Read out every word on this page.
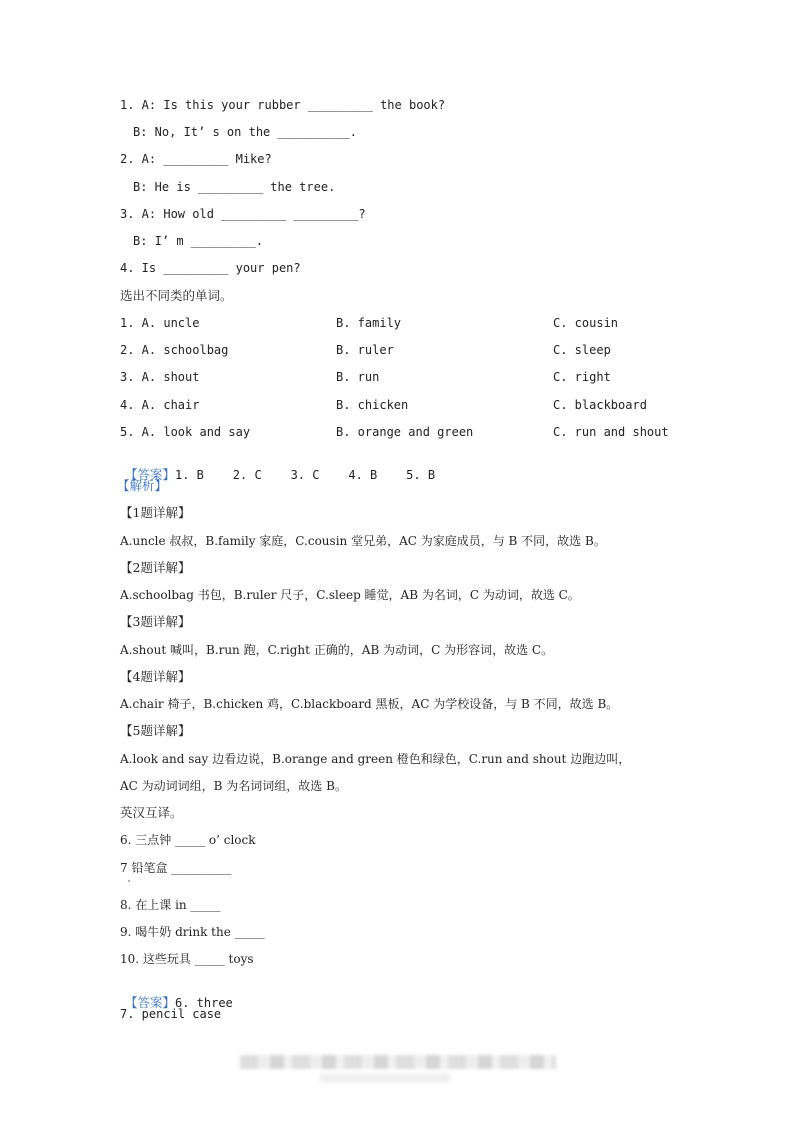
1. A: Is this your rubber _________ the book?
B: No, It’ s on the __________.
2. A: _________ Mike?
B: He is _________ the tree.
3. A: How old _________ _________?
B: I’ m _________.
4. Is _________ your pen?
选出不同类的单词。
1. A. uncle	B. family	C. cousin
2. A. schoolbag	B. ruler	C. sleep
3. A. shout	B. run	C. right
4. A. chair	B. chicken	C. blackboard
5. A. look and say	B. orange and green	C. run and shout

【答案】1. B    2. C    3. C    4. B    5. B

【解析】
【1题详解】
A.uncle 叔叔，B.family 家庭，C.cousin 堂兄弟，AC 为家庭成员，与 B 不同，故选 B。
【2题详解】
A.schoolbag 书包，B.ruler 尺子，C.sleep 睡觉，AB 为名词，C 为动词，故选 C。
【3题详解】
A.shout 喊叫，B.run 跑，C.right 正确的，AB 为动词，C 为形容词，故选 C。
【4题详解】
A.chair 椅子，B.chicken 鸡，C.blackboard 黑板，AC 为学校设备，与 B 不同，故选 B。
【5题详解】
A.look and say 边看边说，B.orange and green 橙色和绿色，C.run and shout 边跑边叫，
AC 为动词词组，B 为名词词组，故选 B。
英汉互译。
6. 三点钟 _____ o’ clock
7 铅笔盒 __________
8. 在上课 in _____
9. 喝牛奶 drink the _____
10. 这些玩具 _____ toys

【答案】6. three

7. pencil case
